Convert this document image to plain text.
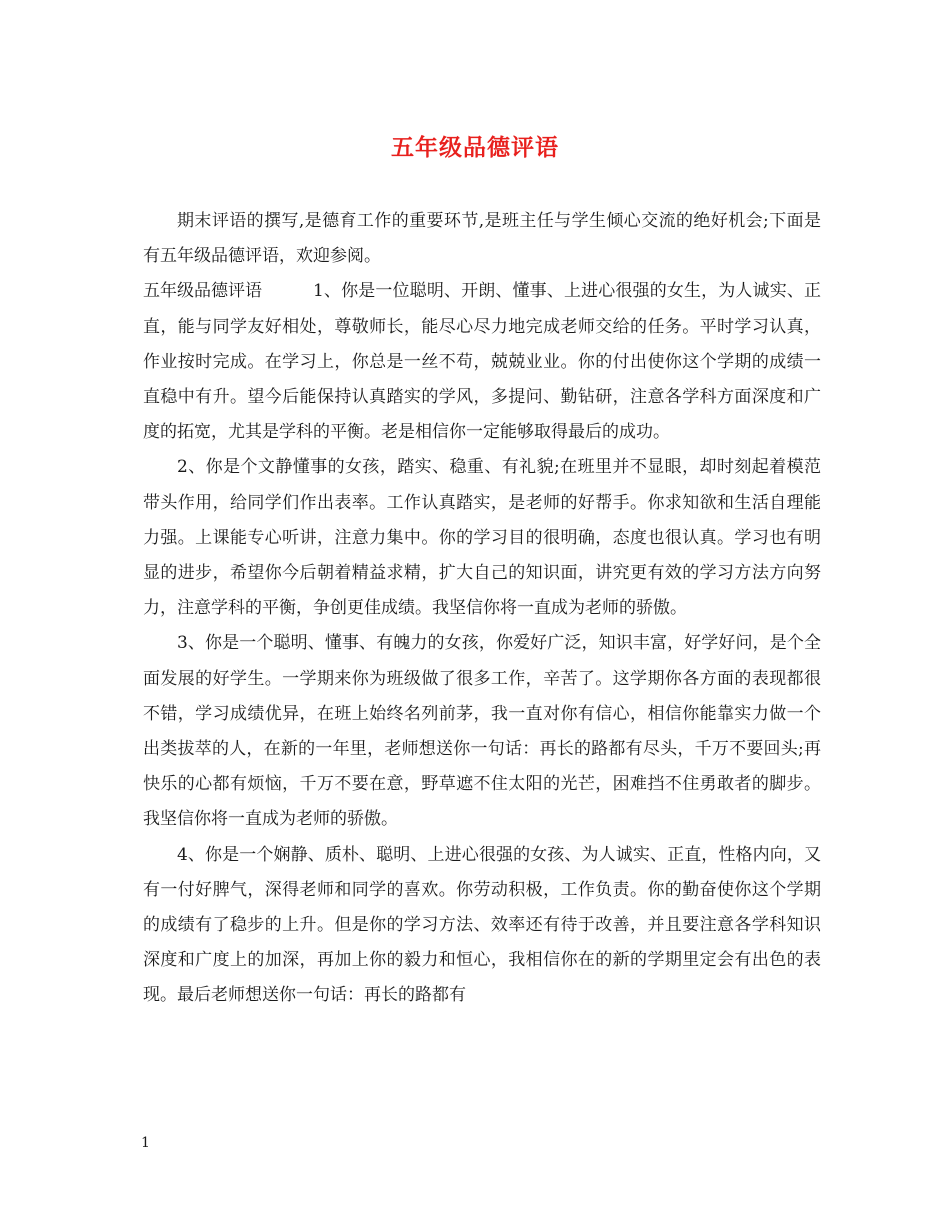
五年级品德评语

期末评语的撰写,是德育工作的重要环节,是班主任与学生倾心交流的绝好机会;下面是有五年级品德评语，欢迎参阅。

五年级品德评语	1、你是一位聪明、开朗、懂事、上进心很强的女生，为人诚实、正直，能与同学友好相处，尊敬师长，能尽心尽力地完成老师交给的任务。平时学习认真，作业按时完成。在学习上，你总是一丝不苟，兢兢业业。你的付出使你这个学期的成绩一直稳中有升。望今后能保持认真踏实的学风，多提问、勤钻研，注意各学科方面深度和广度的拓宽，尤其是学科的平衡。老是相信你一定能够取得最后的成功。

2、你是个文静懂事的女孩，踏实、稳重、有礼貌;在班里并不显眼，却时刻起着模范带头作用，给同学们作出表率。工作认真踏实，是老师的好帮手。你求知欲和生活自理能力强。上课能专心听讲，注意力集中。你的学习目的很明确，态度也很认真。学习也有明显的进步，希望你今后朝着精益求精，扩大自己的知识面，讲究更有效的学习方法方向努力，注意学科的平衡，争创更佳成绩。我坚信你将一直成为老师的骄傲。

3、你是一个聪明、懂事、有魄力的女孩，你爱好广泛，知识丰富，好学好问，是个全面发展的好学生。一学期来你为班级做了很多工作，辛苦了。这学期你各方面的表现都很不错，学习成绩优异，在班上始终名列前茅，我一直对你有信心，相信你能靠实力做一个出类拔萃的人，在新的一年里，老师想送你一句话：再长的路都有尽头，千万不要回头;再快乐的心都有烦恼，千万不要在意，野草遮不住太阳的光芒，困难挡不住勇敢者的脚步。我坚信你将一直成为老师的骄傲。

4、你是一个娴静、质朴、聪明、上进心很强的女孩、为人诚实、正直，性格内向，又有一付好脾气，深得老师和同学的喜欢。你劳动积极，工作负责。你的勤奋使你这个学期的成绩有了稳步的上升。但是你的学习方法、效率还有待于改善，并且要注意各学科知识深度和广度上的加深，再加上你的毅力和恒心，我相信你在的新的学期里定会有出色的表现。最后老师想送你一句话：再长的路都有

1
